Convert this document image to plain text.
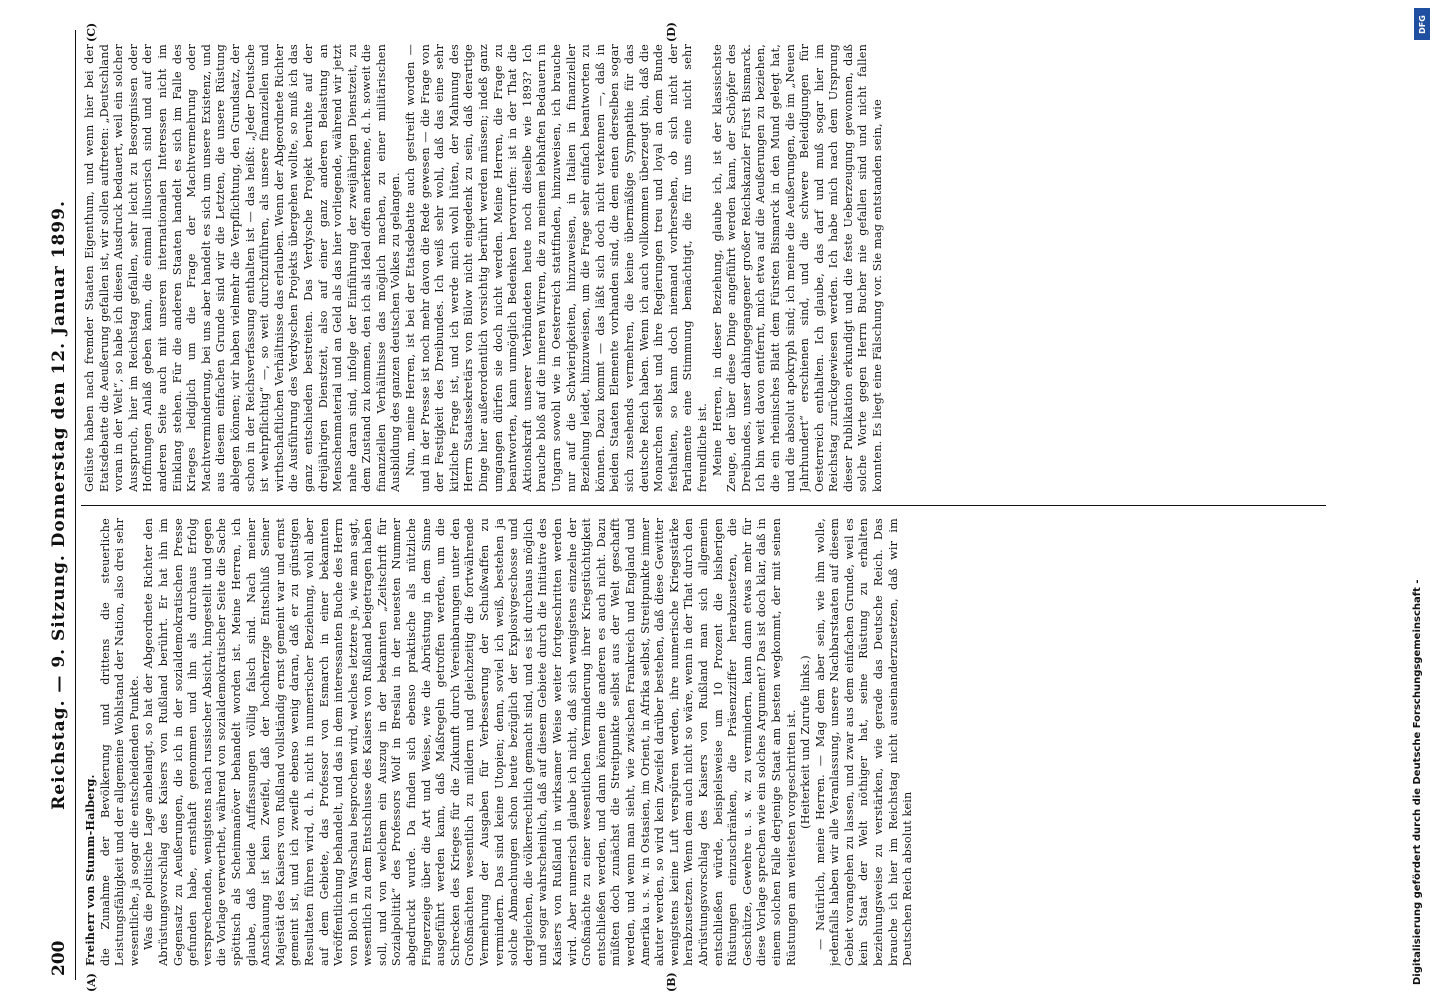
200
Reichstag. — 9. Sitzung. Donnerstag den 12. Januar 1899.
(A)	(B)
(C)	(D)

Freiherr von Stumm-Halberg. die Zunahme der Bevölkerung und drittens die steuerliche Leistungsfähigkeit und der allgemeine Wohlstand der Nation, also drei sehr wesentliche, ja sogar die entscheidenden Punkte. Was die politische Lage anbelangt, so hat der Abgeordnete Richter den Abrüstungsvorschlag des Kaisers von Rußland berührt. Er hat ihn im Gegensatz zu Aeußerungen, die ich in der sozialdemokratischen Presse gefunden habe, ernsthaft genommen und ihn als durchaus Erfolg versprechenden, wenigstens nach russischer Absicht, hingestellt und gegen die Vorlage verwerthet, während von sozialdemokratischer Seite die Sache spöttisch als Scheinmanöver behandelt worden ist. Meine Herren, ich glaube, daß beide Auffassungen völlig falsch sind. Nach meiner Anschauung ist kein Zweifel, daß der hochherzige Entschluß Seiner Majestät des Kaisers von Rußland vollständig ernst gemeint war und ernst gemeint ist, und ich zweifle ebenso wenig daran, daß er zu günstigen Resultaten führen wird, d. h. nicht in numerischer Beziehung, wohl aber auf dem Gebiete, das Professor von Esmarch in einer bekannten Veröffentlichung behandelt, und das in dem interessanten Buche des Herrn von Bloch in Warschau besprochen wird, welches letztere ja, wie man sagt, wesentlich zu dem Entschlusse des Kaisers von Rußland beigetragen haben soll, und von welchem ein Auszug in der bekannten „Zeitschrift für Sozialpolitik“ des Professors Wolf in Breslau in der neuesten Nummer abgedruckt wurde. Da finden sich ebenso praktische als nützliche Fingerzeige über die Art und Weise, wie die Abrüstung in dem Sinne ausgeführt werden kann, daß Maßregeln getroffen werden, um die Schrecken des Krieges für die Zukunft durch Vereinbarungen unter den Großmächten wesentlich zu mildern und gleichzeitig die fortwährende Vermehrung der Ausgaben für Verbesserung der Schußwaffen zu vermindern. Das sind keine Utopien; denn, soviel ich weiß, bestehen ja solche Abmachungen schon heute bezüglich der Explosivgeschosse und dergleichen, die völkerrechtlich gemacht sind, und es ist durchaus möglich und sogar wahrscheinlich, daß auf diesem Gebiete durch die Initiative des Kaisers von Rußland in wirksamer Weise weiter fortgeschritten werden wird. Aber numerisch glaube ich nicht, daß sich wenigstens einzelne der Großmächte zu einer wesentlichen Verminderung ihrer Kriegstüchtigkeit entschließen werden, und dann können die anderen es auch nicht. Dazu müßten doch zunächst die Streitpunkte selbst aus der Welt geschafft werden, und wenn man sieht, wie zwischen Frankreich und England und Amerika u. s. w. in Ostasien, im Orient, in Afrika selbst, Streitpunkte immer akuter werden, so wird kein Zweifel darüber bestehen, daß diese Gewitter wenigstens keine Luft verspüren werden, ihre numerische Kriegsstärke herabzusetzen. Wenn dem auch nicht so wäre, wenn in der That durch den Abrüstungsvorschlag des Kaisers von Rußland man sich allgemein entschließen würde, beispielsweise um 10 Prozent die bisherigen Rüstungen einzuschränken, die Präsenzziffer herabzusetzen, die Geschütze, Gewehre u. s. w. zu vermindern, kann dann etwas mehr für diese Vorlage sprechen wie ein solches Argument? Das ist doch klar, daß in einem solchen Falle derjenige Staat am besten wegkommt, der mit seinen Rüstungen am weitesten vorgeschritten ist. (Heiterkeit und Zurufe links.) — Natürlich, meine Herren. — Mag dem aber sein, wie ihm wolle, jedenfalls haben wir alle Veranlassung, unsere Nachbarstaaten auf diesem Gebiet vorangehen zu lassen, und zwar aus dem einfachen Grunde, weil es kein Staat der Welt nöthiger hat, seine Rüstung zu erhalten beziehungsweise zu verstärken, wie gerade das Deutsche Reich. Das brauche ich hier im Reichstag nicht auseinanderzusetzen, daß wir im Deutschen Reich absolut kein

Gelüste haben nach fremder Staaten Eigenthum, und wenn hier bei der Etatsdebatte die Aeußerung gefallen ist, wir sollen auftreten: „Deutschland voran in der Welt“, so habe ich diesen Ausdruck bedauert, weil ein solcher Ausspruch, hier im Reichstag gefallen, sehr leicht zu Besorgnissen oder Hoffnungen Anlaß geben kann, die einmal illusorisch sind und auf der anderen Seite auch mit unseren internationalen Interessen nicht im Einklang stehen. Für die anderen Staaten handelt es sich im Falle des Krieges lediglich um die Frage der Machtvermehrung oder Machtverminderung, bei uns aber handelt es sich um unsere Existenz, und aus diesem einfachen Grunde sind wir die Letzten, die unsere Rüstung ablegen können; wir haben vielmehr die Verpflichtung, den Grundsatz, der schon in der Reichsverfassung enthalten ist — das heißt: „Jeder Deutsche ist wehrpflichtig“ —, so weit durchzuführen, als unsere finanziellen und wirthschaftlichen Verhältnisse das erlauben. Wenn der Abgeordnete Richter die Ausführung des Verdyschen Projekts übergehen wollte, so muß ich das ganz entschieden bestreiten. Das Verdysche Projekt beruhte auf der dreijährigen Dienstzeit, also auf einer ganz anderen Belastung an Menschenmaterial und an Geld als das hier vorliegende, während wir jetzt nahe daran sind, infolge der Einführung der zweijährigen Dienstzeit, zu dem Zustand zu kommen, den ich als Ideal offen anerkenne, d. h. soweit die finanziellen Verhältnisse das möglich machen, zu einer militärischen Ausbildung des ganzen deutschen Volkes zu gelangen. Nun, meine Herren, ist bei der Etatsdebatte auch gestreift worden — und in der Presse ist noch mehr davon die Rede gewesen — die Frage von der Festigkeit des Dreibundes. Ich weiß sehr wohl, daß das eine sehr kitzliche Frage ist, und ich werde mich wohl hüten, der Mahnung des Herrn Staatssekretärs von Bülow nicht eingedenk zu sein, daß derartige Dinge hier außerordentlich vorsichtig berührt werden müssen; indeß ganz umgangen dürfen sie doch nicht werden. Meine Herren, die Frage zu beantworten, kann unmöglich Bedenken hervorrufen: ist in der That die Aktionskraft unserer Verbündeten heute noch dieselbe wie 1893? Ich brauche bloß auf die inneren Wirren, die zu meinem lebhaften Bedauern in Ungarn sowohl wie in Oesterreich stattfinden, hinzuweisen, ich brauche nur auf die Schwierigkeiten, hinzuweisen, in Italien in finanzieller Beziehung leidet, hinzuweisen, um die Frage sehr einfach beantworten zu können. Dazu kommt — das läßt sich doch nicht verkennen —, daß in beiden Staaten Elemente vorhanden sind, die dem einen derselben sogar sich zusehends vermehren, die keine übermäßige Sympathie für das deutsche Reich haben. Wenn ich auch vollkommen überzeugt bin, daß die Monarchen selbst und ihre Regierungen treu und loyal an dem Bunde festhalten, so kann doch niemand vorhersehen, ob sich nicht der Parlamente eine Stimmung bemächtigt, die für uns eine nicht sehr freundliche ist. Meine Herren, in dieser Beziehung, glaube ich, ist der klassischste Zeuge, der über diese Dinge angeführt werden kann, der Schöpfer des Dreibundes, unser dahingegangener großer Reichskanzler Fürst Bismarck. Ich bin weit davon entfernt, mich etwa auf die Aeußerungen zu beziehen, die ein rheinisches Blatt dem Fürsten Bismarck in den Mund gelegt hat, und die absolut apokryph sind; ich meine die Aeußerungen, die im „Neuen Jahrhundert“ erschienen sind, und die schwere Beleidigungen für Oesterreich enthalten. Ich glaube, das darf und muß sogar hier im Reichstag zurückgewiesen werden. Ich habe mich nach dem Ursprung dieser Publikation erkundigt und die feste Ueberzeugung gewonnen, daß solche Worte gegen Herrn Bucher nie gefallen sind und nicht fallen konnten. Es liegt eine Fälschung vor. Sie mag entstanden sein, wie

DFG
Digitalisierung gefördert durch die Deutsche Forschungsgemeinschaft -
